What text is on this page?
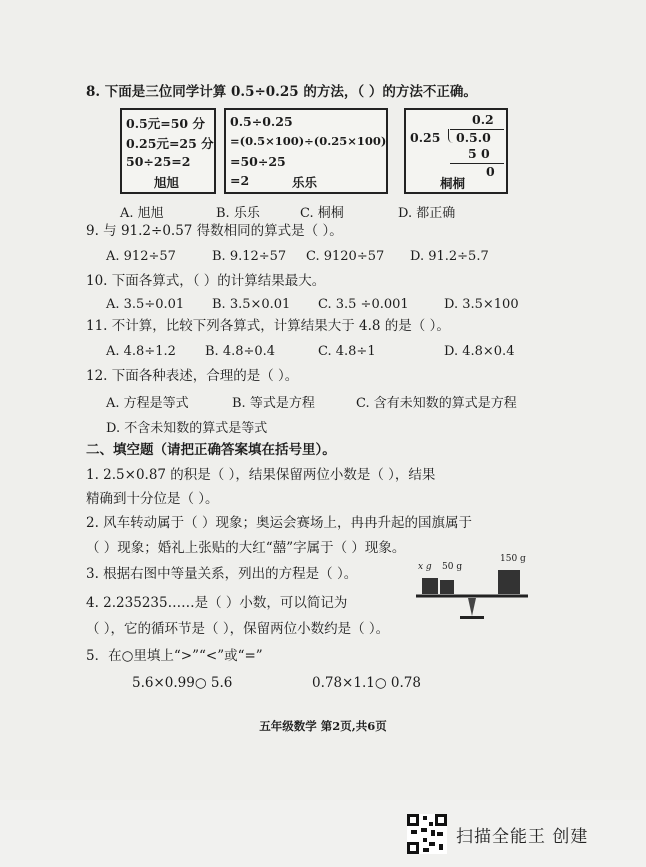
8. 下面是三位同学计算 0.5÷0.25 的方法，（ ）的方法不正确。
0.5元=50 分
0.25元=25 分
50÷25=2
旭旭
0.5÷0.25
=(0.5×100)÷(0.25×100)
=50÷25
=2	乐乐
0.2
0.25 0.5.0
5 0
0
桐桐
A. 旭旭	B. 乐乐	C. 桐桐	D. 都正确
9. 与 91.2÷0.57 得数相同的算式是（ ）。
A. 912÷57	B. 9.12÷57 C. 9120÷57 D. 91.2÷5.7
10. 下面各算式，（ ）的计算结果最大。
A. 3.5÷0.01 B. 3.5×0.01 C. 3.5 ÷0.001	D. 3.5×100
11. 不计算，比较下列各算式，计算结果大于 4.8 的是（ ）。
A. 4.8÷1.2 B. 4.8÷0.4	C. 4.8÷1	D. 4.8×0.4
12. 下面各种表述，合理的是（ ）。
A. 方程是等式	B. 等式是方程	C. 含有未知数的算式是方程
D. 不含未知数的算式是等式
二、填空题（请把正确答案填在括号里）。
1. 2.5×0.87 的积是（ ），结果保留两位小数是（ ），结果
精确到十分位是（ ）。
2. 风车转动属于（ ）现象；奥运会赛场上，冉冉升起的国旗属于
（ ）现象；婚礼上张贴的大红“囍”字属于（ ）现象。
3. 根据右图中等量关系，列出的方程是（ ）。	x g 50 g
150 g
4. 2.235235……是（ ）小数，可以简记为
（ ），它的循环节是（ ），保留两位小数约是（ ）。
5．在○里填上“>”“<”或“=”
5.6×0.99○ 5.6	0.78×1.1○ 0.78
五年级数学 第2页,共6页
扫描全能王 创建
